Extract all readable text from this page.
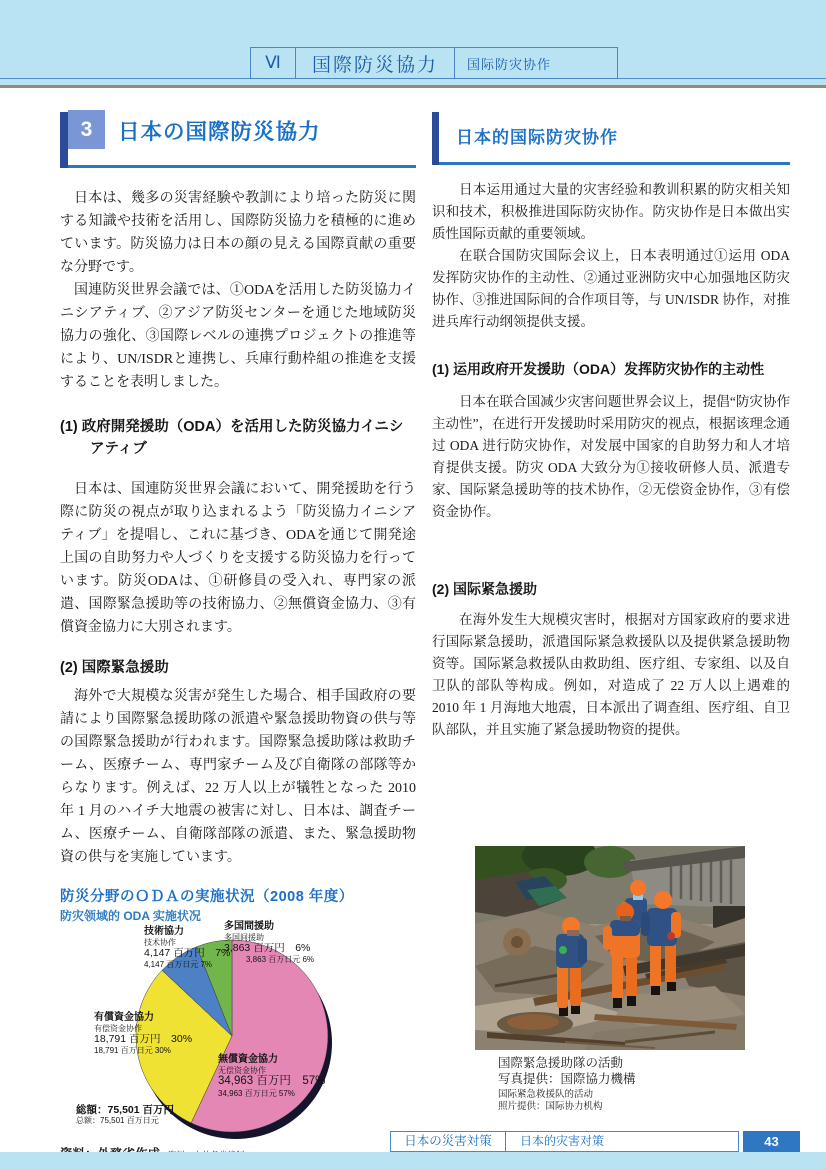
Ⅵ	国際防災協力	国际防灾协作
3	日本の国際防災協力

日本は、幾多の災害経験や教訓により培った防災に関する知識や技術を活用し、国際防災協力を積極的に進めています。防災協力は日本の顔の見える国際貢献の重要な分野です。

国連防災世界会議では、①ODAを活用した防災協力イニシアティブ、②アジア防災センターを通じた地域防災協力の強化、③国際レベルの連携プロジェクトの推進等により、UN/ISDRと連携し、兵庫行動枠組の推進を支援することを表明しました。

(1) 政府開発援助（ODA）を活用した防災協力イニシアティブ

日本は、国連防災世界会議において、開発援助を行う際に防災の視点が取り込まれるよう「防災協力イニシアティブ」を提唱し、これに基づき、ODAを通じて開発途上国の自助努力や人づくりを支援する防災協力を行っています。防災ODAは、①研修員の受入れ、専門家の派遣、国際緊急援助等の技術協力、②無償資金協力、③有償資金協力に大別されます。

(2) 国際緊急援助

海外で大規模な災害が発生した場合、相手国政府の要請により国際緊急援助隊の派遣や緊急援助物資の供与等の国際緊急援助が行われます。国際緊急援助隊は救助チーム、医療チーム、専門家チーム及び自衛隊の部隊等からなります。例えば、22 万人以上が犠牲となった 2010 年 1 月のハイチ大地震の被害に対し、日本は、調査チーム、医療チーム、自衛隊部隊の派遣、また、緊急援助物資の供与を実施しています。

防災分野のＯＤＡの実施状況（2008 年度）
防灾领域的 ODA 实施状况
技術協力
技术协作
4,147 百万円　7%
4,147 百万日元 7%
多国間援助
多国间援助
3,863 百万円　6%
3,863 百万日元 6%
有償資金協力
有偿资金协作
18,791 百万円　30%
18,791 百万日元 30%
無償資金協力
无偿资金协作
34,963 百万円　57%
34,963 百万日元 57%
総額：75,501 百万円
总额：75,501 百万日元
日本的国际防灾协作

日本运用通过大量的灾害经验和教训积累的防灾相关知识和技术，积极推进国际防灾协作。防灾协作是日本做出实质性国际贡献的重要领域。

在联合国防灾国际会议上，日本表明通过①运用 ODA 发挥防灾协作的主动性、②通过亚洲防灾中心加强地区防灾协作、③推进国际间的合作项目等，与 UN/ISDR 协作，对推进兵库行动纲领提供支援。

(1) 运用政府开发援助（ODA）发挥防灾协作的主动性

日本在联合国减少灾害问题世界会议上，提倡“防灾协作主动性”，在进行开发援助时采用防灾的视点，根据该理念通过 ODA 进行防灾协作，对发展中国家的自助努力和人才培育提供支援。防灾 ODA 大致分为①接收研修人员、派遣专家、国际紧急援助等的技术协作，②无偿资金协作，③有偿资金协作。

(2) 国际紧急援助

在海外发生大规模灾害时，根据对方国家政府的要求进行国际紧急援助，派遣国际紧急救援队以及提供紧急援助物资等。国际紧急救援队由救助组、医疗组、专家组、以及自卫队的部队等构成。例如，对造成了 22 万人以上遇难的 2010 年 1 月海地大地震，日本派出了调查组、医疗组、自卫队部队，并且实施了紧急援助物资的提供。

国際緊急援助隊の活動
写真提供：国際協力機構
国际紧急救援队的活动
照片提供：国际协力机构
日本の災害対策	日本的灾害对策	43
